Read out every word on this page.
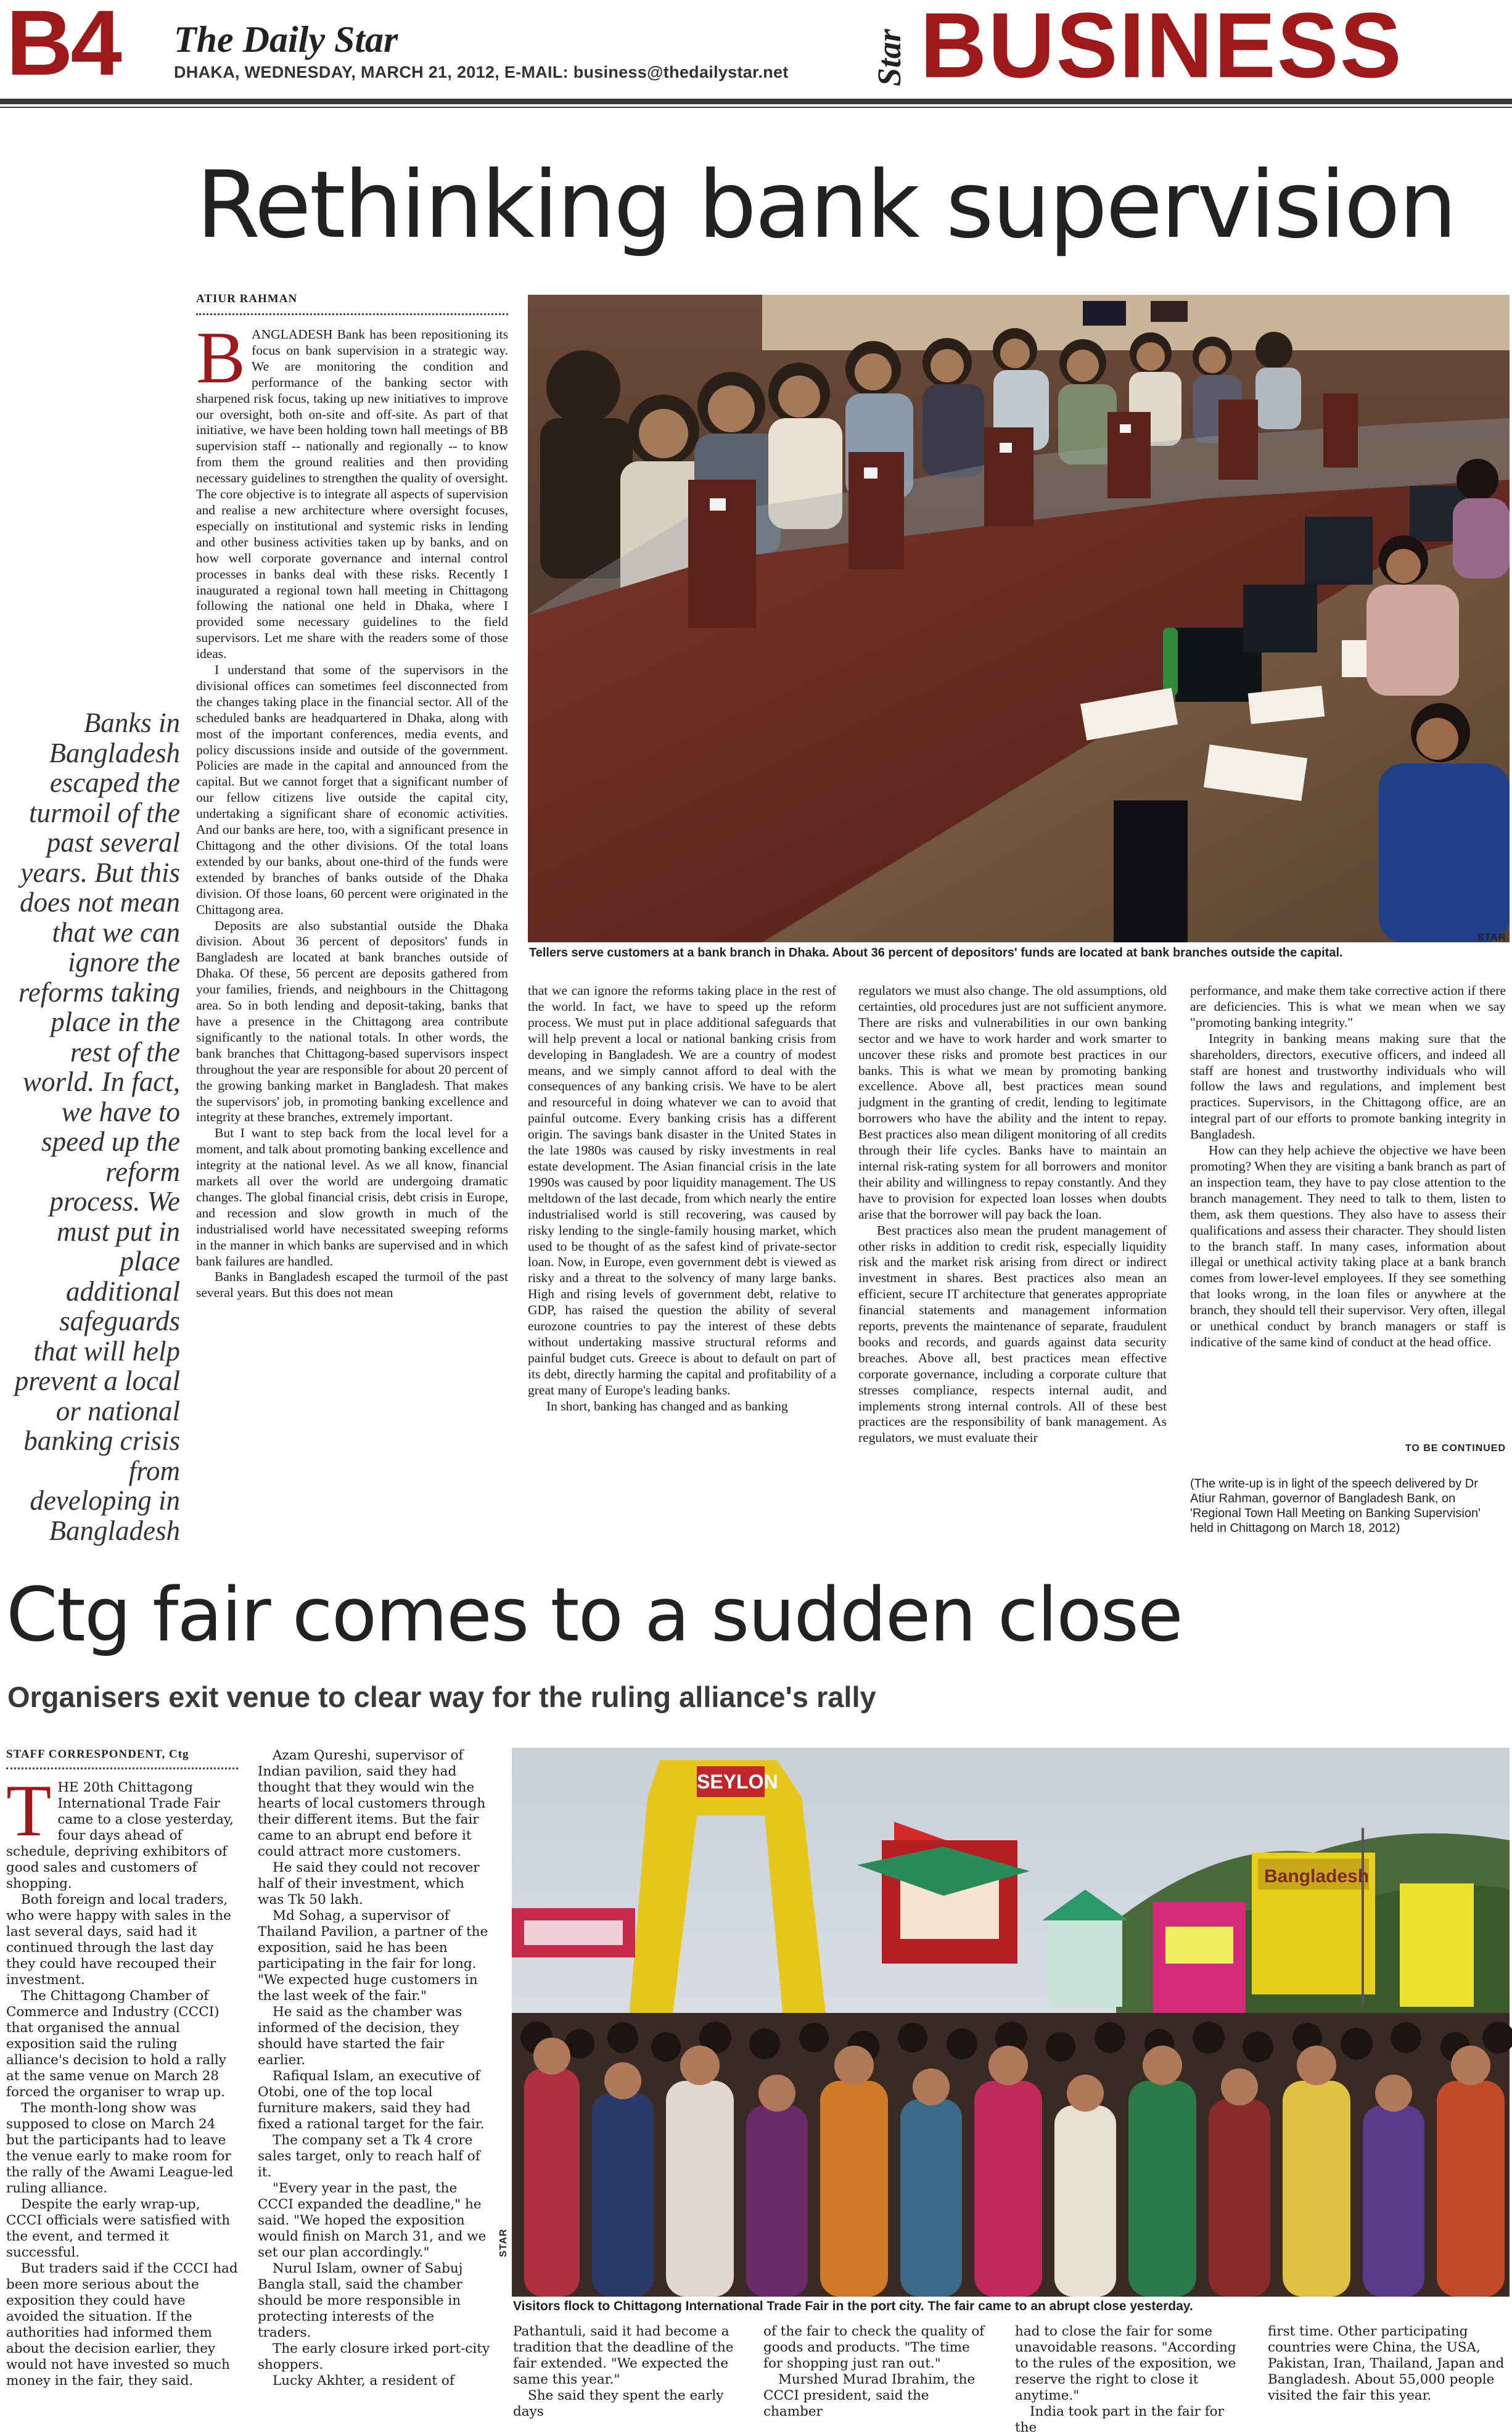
B4 The Daily Star
DHAKA, WEDNESDAY, MARCH 21, 2012, E-MAIL: business@thedailystar.net Star BUSINESS
Rethinking bank supervision
ATIUR RAHMAN
Tellers serve customers at a bank branch in Dhaka. About 36 percent of depositors' funds are located at bank branches outside the capital.
STAR
Banks in Bangladesh escaped the turmoil of the past several years. But this does not mean that we can ignore the reforms taking place in the rest of the world. In fact, we have to speed up the reform process. We must put in place additional safeguards that will help prevent a local or national banking crisis from developing in Bangladesh
B ANGLADESH Bank has been repositioning its focus on bank supervision in a strategic way. We are monitoring the condition and performance of the banking sector with sharpened risk focus, taking up new initiatives to improve our oversight, both on-site and off-site. As part of that initiative, we have been holding town hall meetings of BB supervision staff -- nationally and regionally -- to know from them the ground realities and then providing necessary guidelines to strengthen the quality of oversight. The core objective is to integrate all aspects of supervision and realise a new architecture where oversight focuses, especially on institutional and systemic risks in lending and other business activities taken up by banks, and on how well corporate governance and internal control processes in banks deal with these risks. Recently I inaugurated a regional town hall meeting in Chittagong following the national one held in Dhaka, where I provided some necessary guidelines to the field supervisors. Let me share with the readers some of those ideas.

I understand that some of the supervisors in the divisional offices can sometimes feel disconnected from the changes taking place in the financial sector. All of the scheduled banks are headquartered in Dhaka, along with most of the important conferences, media events, and policy discussions inside and outside of the government. Policies are made in the capital and announced from the capital. But we cannot forget that a significant number of our fellow citizens live outside the capital city, undertaking a significant share of economic activities. And our banks are here, too, with a significant presence in Chittagong and the other divisions. Of the total loans extended by our banks, about one-third of the funds were extended by branches of banks outside of the Dhaka division. Of those loans, 60 percent were originated in the Chittagong area.

Deposits are also substantial outside the Dhaka division. About 36 percent of depositors' funds in Bangladesh are located at bank branches outside of Dhaka. Of these, 56 percent are deposits gathered from your families, friends, and neighbours in the Chittagong area. So in both lending and deposit-taking, banks that have a presence in the Chittagong area contribute significantly to the national totals. In other words, the bank branches that Chittagong-based supervisors inspect throughout the year are responsible for about 20 percent of the growing banking market in Bangladesh. That makes the supervisors' job, in promoting banking excellence and integrity at these branches, extremely important.

But I want to step back from the local level for a moment, and talk about promoting banking excellence and integrity at the national level. As we all know, financial markets all over the world are undergoing dramatic changes. The global financial crisis, debt crisis in Europe, and recession and slow growth in much of the industrialised world have necessitated sweeping reforms in the manner in which banks are supervised and in which bank failures are handled.

Banks in Bangladesh escaped the turmoil of the past several years. But this does not mean

that we can ignore the reforms taking place in the rest of the world. In fact, we have to speed up the reform process. We must put in place additional safeguards that will help prevent a local or national banking crisis from developing in Bangladesh. We are a country of modest means, and we simply cannot afford to deal with the consequences of any banking crisis. We have to be alert and resourceful in doing whatever we can to avoid that painful outcome. Every banking crisis has a different origin. The savings bank disaster in the United States in the late 1980s was caused by risky investments in real estate development. The Asian financial crisis in the late 1990s was caused by poor liquidity management. The US meltdown of the last decade, from which nearly the entire industrialised world is still recovering, was caused by risky lending to the single-family housing market, which used to be thought of as the safest kind of private-sector loan. Now, in Europe, even government debt is viewed as risky and a threat to the solvency of many large banks. High and rising levels of government debt, relative to GDP, has raised the question the ability of several eurozone countries to pay the interest of these debts without undertaking massive structural reforms and painful budget cuts. Greece is about to default on part of its debt, directly harming the capital and profitability of a great many of Europe's leading banks.

In short, banking has changed and as banking

regulators we must also change. The old assumptions, old certainties, old procedures just are not sufficient anymore. There are risks and vulnerabilities in our own banking sector and we have to work harder and work smarter to uncover these risks and promote best practices in our banks. This is what we mean by promoting banking excellence. Above all, best practices mean sound judgment in the granting of credit, lending to legitimate borrowers who have the ability and the intent to repay. Best practices also mean diligent monitoring of all credits through their life cycles. Banks have to maintain an internal risk-rating system for all borrowers and monitor their ability and willingness to repay constantly. And they have to provision for expected loan losses when doubts arise that the borrower will pay back the loan.

Best practices also mean the prudent management of other risks in addition to credit risk, especially liquidity risk and the market risk arising from direct or indirect investment in shares. Best practices also mean an efficient, secure IT architecture that generates appropriate financial statements and management information reports, prevents the maintenance of separate, fraudulent books and records, and guards against data security breaches. Above all, best practices mean effective corporate governance, including a corporate culture that stresses compliance, respects internal audit, and implements strong internal controls. All of these best practices are the responsibility of bank management. As regulators, we must evaluate their

performance, and make them take corrective action if there are deficiencies. This is what we mean when we say "promoting banking integrity."

Integrity in banking means making sure that the shareholders, directors, executive officers, and indeed all staff are honest and trustworthy individuals who will follow the laws and regulations, and implement best practices. Supervisors, in the Chittagong office, are an integral part of our efforts to promote banking integrity in Bangladesh.

How can they help achieve the objective we have been promoting? When they are visiting a bank branch as part of an inspection team, they have to pay close attention to the branch management. They need to talk to them, listen to them, ask them questions. They also have to assess their qualifications and assess their character. They should listen to the branch staff. In many cases, information about illegal or unethical activity taking place at a bank branch comes from lower-level employees. If they see something that looks wrong, in the loan files or anywhere at the branch, they should tell their supervisor. Very often, illegal or unethical conduct by branch managers or staff is indicative of the same kind of conduct at the head office.

TO BE CONTINUED
(The write-up is in light of the speech delivered by Dr Atiur Rahman, governor of Bangladesh Bank, on 'Regional Town Hall Meeting on Banking Supervision' held in Chittagong on March 18, 2012)
Ctg fair comes to a sudden close
Organisers exit venue to clear way for the ruling alliance's rally
STAFF CORRESPONDENT, Ctg
T HE 20th Chittagong International Trade Fair came to a close yesterday, four days ahead of schedule, depriving exhibitors of good sales and customers of shopping.

Both foreign and local traders, who were happy with sales in the last several days, said had it continued through the last day they could have recouped their investment.

The Chittagong Chamber of Commerce and Industry (CCCI) that organised the annual exposition said the ruling alliance's decision to hold a rally at the same venue on March 28 forced the organiser to wrap up.

The month-long show was supposed to close on March 24 but the participants had to leave the venue early to make room for the rally of the Awami League-led ruling alliance.

Despite the early wrap-up, CCCI officials were satisfied with the event, and termed it successful.

But traders said if the CCCI had been more serious about the exposition they could have avoided the situation. If the authorities had informed them about the decision earlier, they would not have invested so much money in the fair, they said.

Azam Qureshi, supervisor of Indian pavilion, said they had thought that they would win the hearts of local customers through their different items. But the fair came to an abrupt end before it could attract more customers.

He said they could not recover half of their investment, which was Tk 50 lakh.

Md Sohag, a supervisor of Thailand Pavilion, a partner of the exposition, said he has been participating in the fair for long. "We expected huge customers in the last week of the fair."

He said as the chamber was informed of the decision, they should have started the fair earlier.

Rafiqual Islam, an executive of Otobi, one of the top local furniture makers, said they had fixed a rational target for the fair.

The company set a Tk 4 crore sales target, only to reach half of it.

"Every year in the past, the CCCI expanded the deadline," he said. "We hoped the exposition would finish on March 31, and we set our plan accordingly."

Nurul Islam, owner of Sabuj Bangla stall, said the chamber should be more responsible in protecting interests of the traders.

The early closure irked port-city shoppers.

Lucky Akhter, a resident of

SEYLON
Bangladesh
STAR
Visitors flock to Chittagong International Trade Fair in the port city. The fair came to an abrupt close yesterday.

Pathantuli, said it had become a tradition that the deadline of the fair extended. "We expected the same this year."

She said they spent the early days

of the fair to check the quality of goods and products. "The time for shopping just ran out."

Murshed Murad Ibrahim, the CCCI president, said the chamber

had to close the fair for some unavoidable reasons. "According to the rules of the exposition, we reserve the right to close it anytime."

India took part in the fair for the

first time. Other participating countries were China, the USA, Pakistan, Iran, Thailand, Japan and Bangladesh. About 55,000 people visited the fair this year.
